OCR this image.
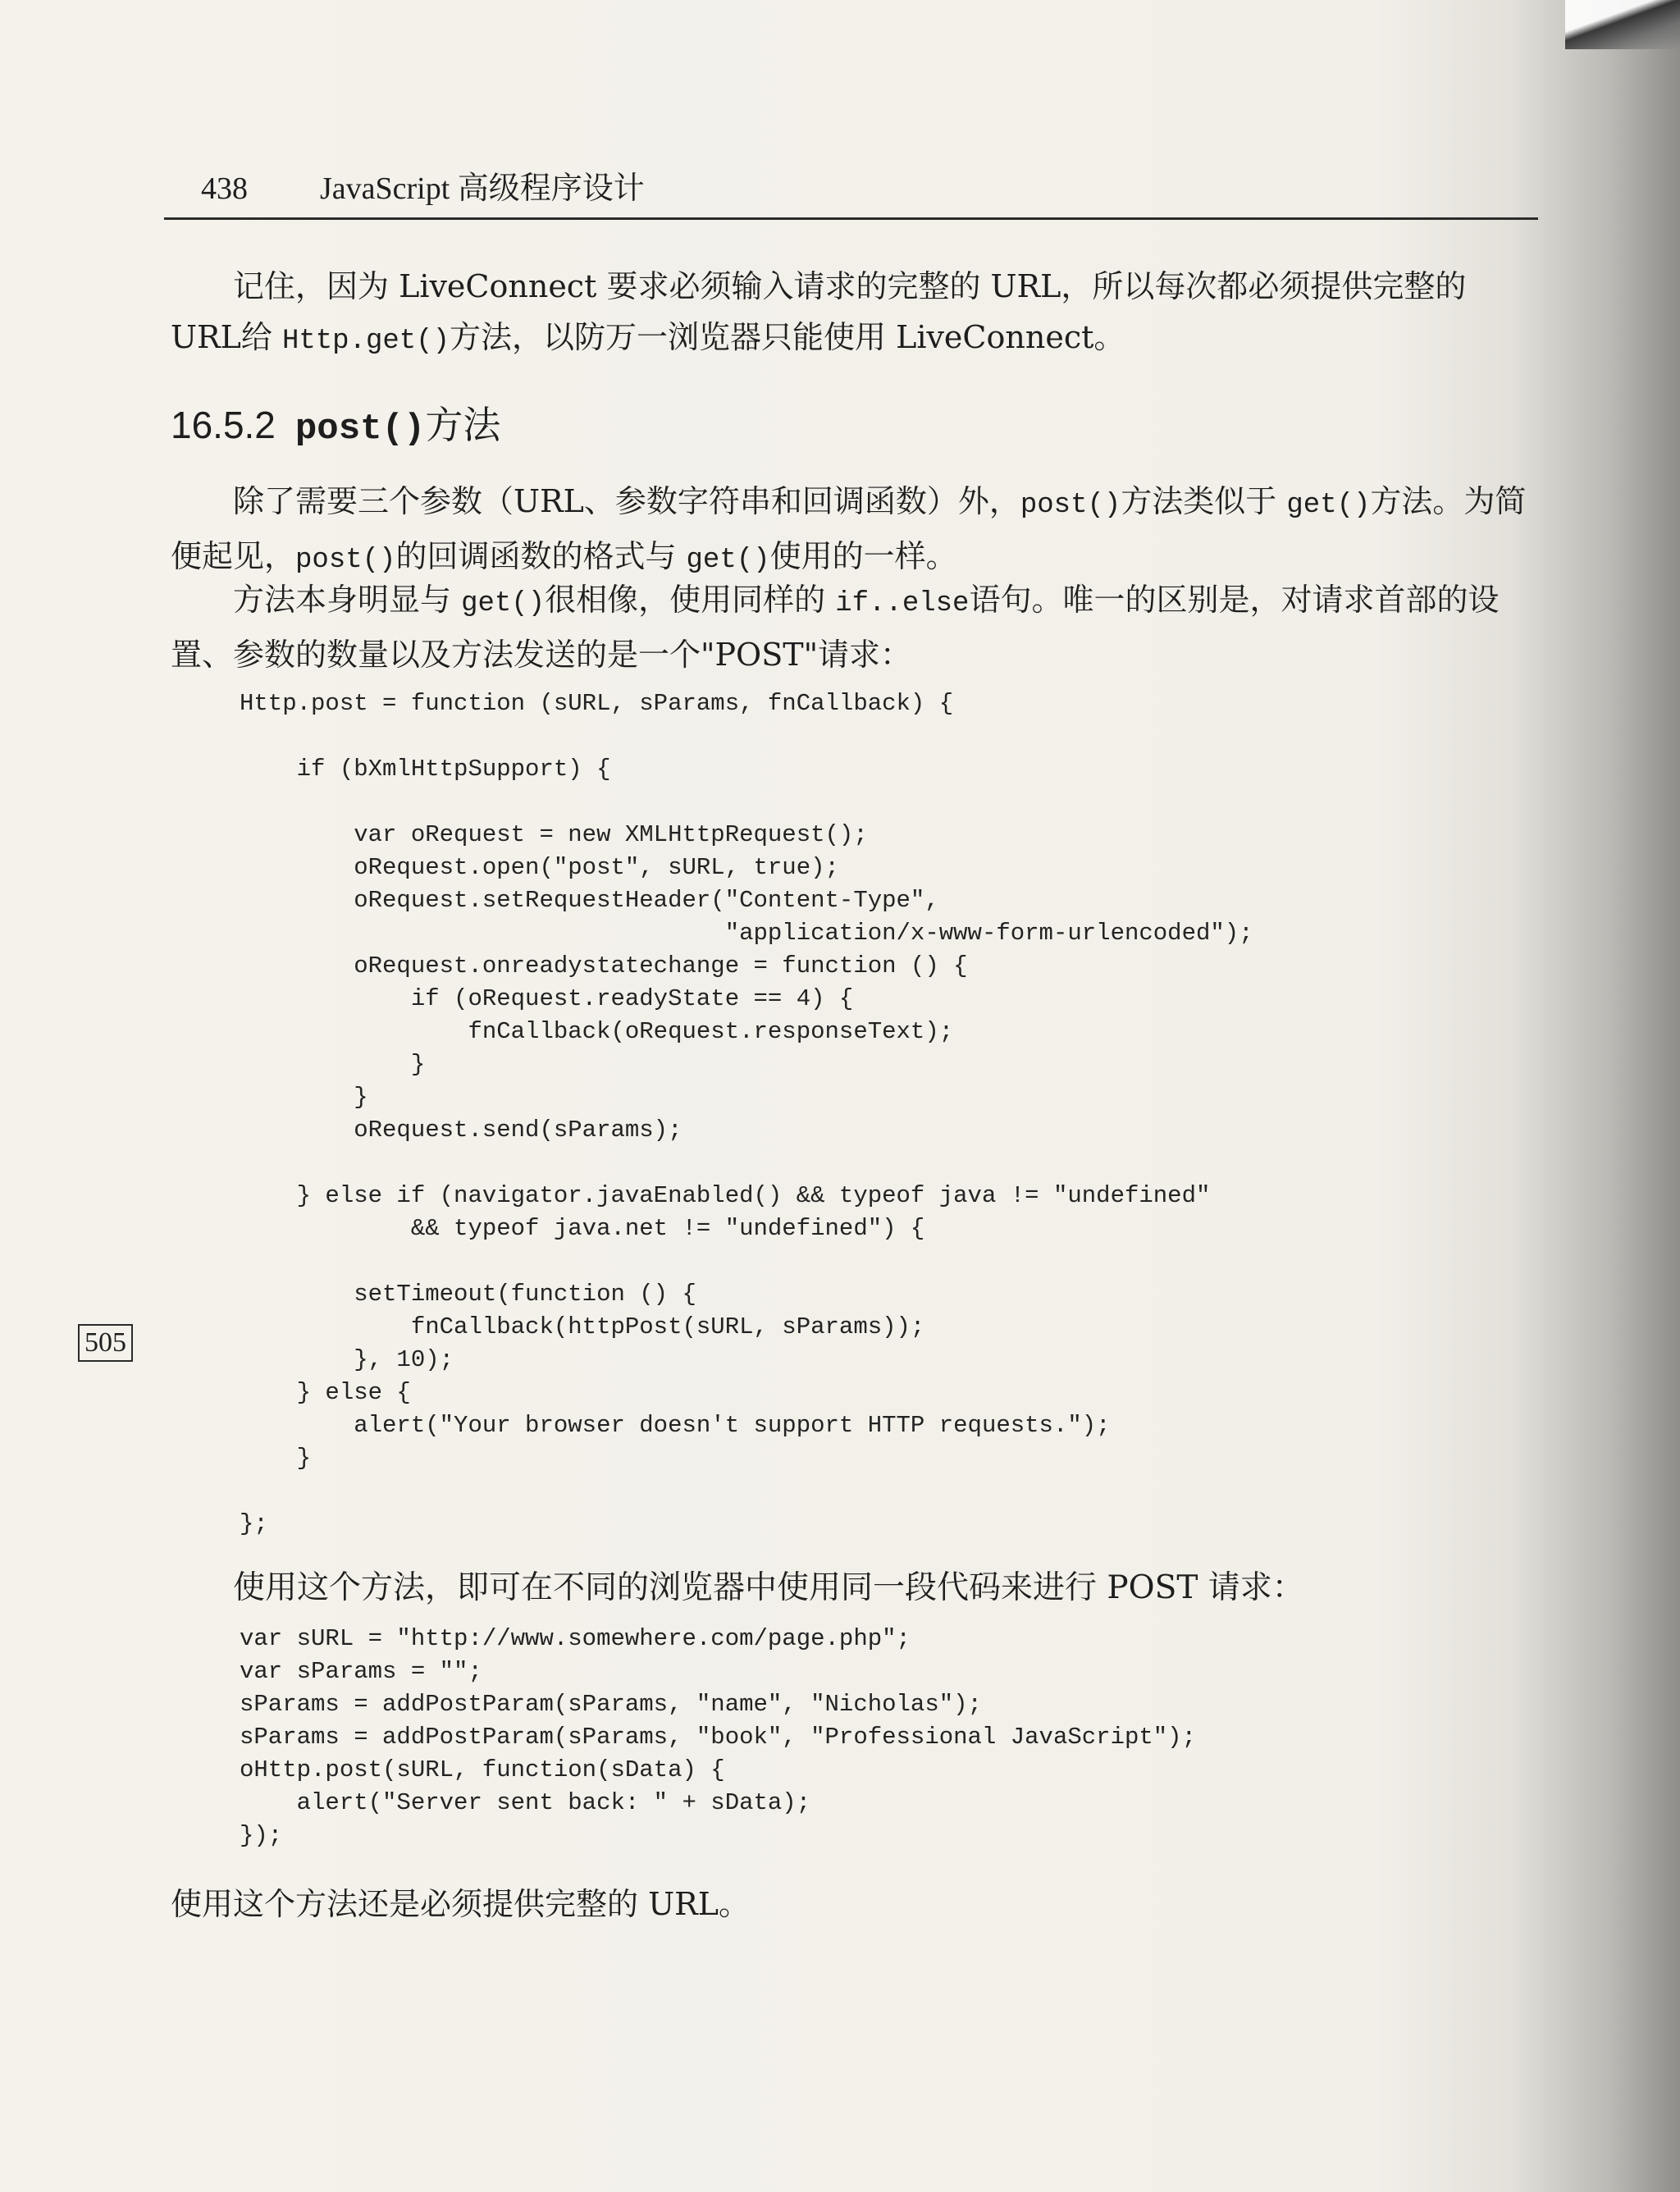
438 JavaScript 高级程序设计

记住，因为 LiveConnect 要求必须输入请求的完整的 URL，所以每次都必须提供完整的 URL给 Http.get()方法，以防万一浏览器只能使用 LiveConnect。

16.5.2 post()方法

除了需要三个参数（URL、参数字符串和回调函数）外，post()方法类似于 get()方法。为简便起见，post()的回调函数的格式与 get()使用的一样。

方法本身明显与 get()很相像，使用同样的 if..else语句。唯一的区别是，对请求首部的设置、参数的数量以及方法发送的是一个"POST"请求：

Http.post = function (sURL, sParams, fnCallback) {

if (bXmlHttpSupport) {

var oRequest = new XMLHttpRequest();
oRequest.open("post", sURL, true);
oRequest.setRequestHeader("Content-Type",
"application/x-www-form-urlencoded");
oRequest.onreadystatechange = function () {
if (oRequest.readyState == 4) {
fnCallback(oRequest.responseText);
}
}
oRequest.send(sParams);

} else if (navigator.javaEnabled() && typeof java != "undefined"
&& typeof java.net != "undefined") {

setTimeout(function () {
fnCallback(httpPost(sURL, sParams));
}, 10);
} else {
alert("Your browser doesn't support HTTP requests.");
}

};
505

使用这个方法，即可在不同的浏览器中使用同一段代码来进行 POST 请求：

var sURL = "http://www.somewhere.com/page.php";
var sParams = "";
sParams = addPostParam(sParams, "name", "Nicholas");
sParams = addPostParam(sParams, "book", "Professional JavaScript");
oHttp.post(sURL, function(sData) {
alert("Server sent back: " + sData);
});

使用这个方法还是必须提供完整的 URL。
